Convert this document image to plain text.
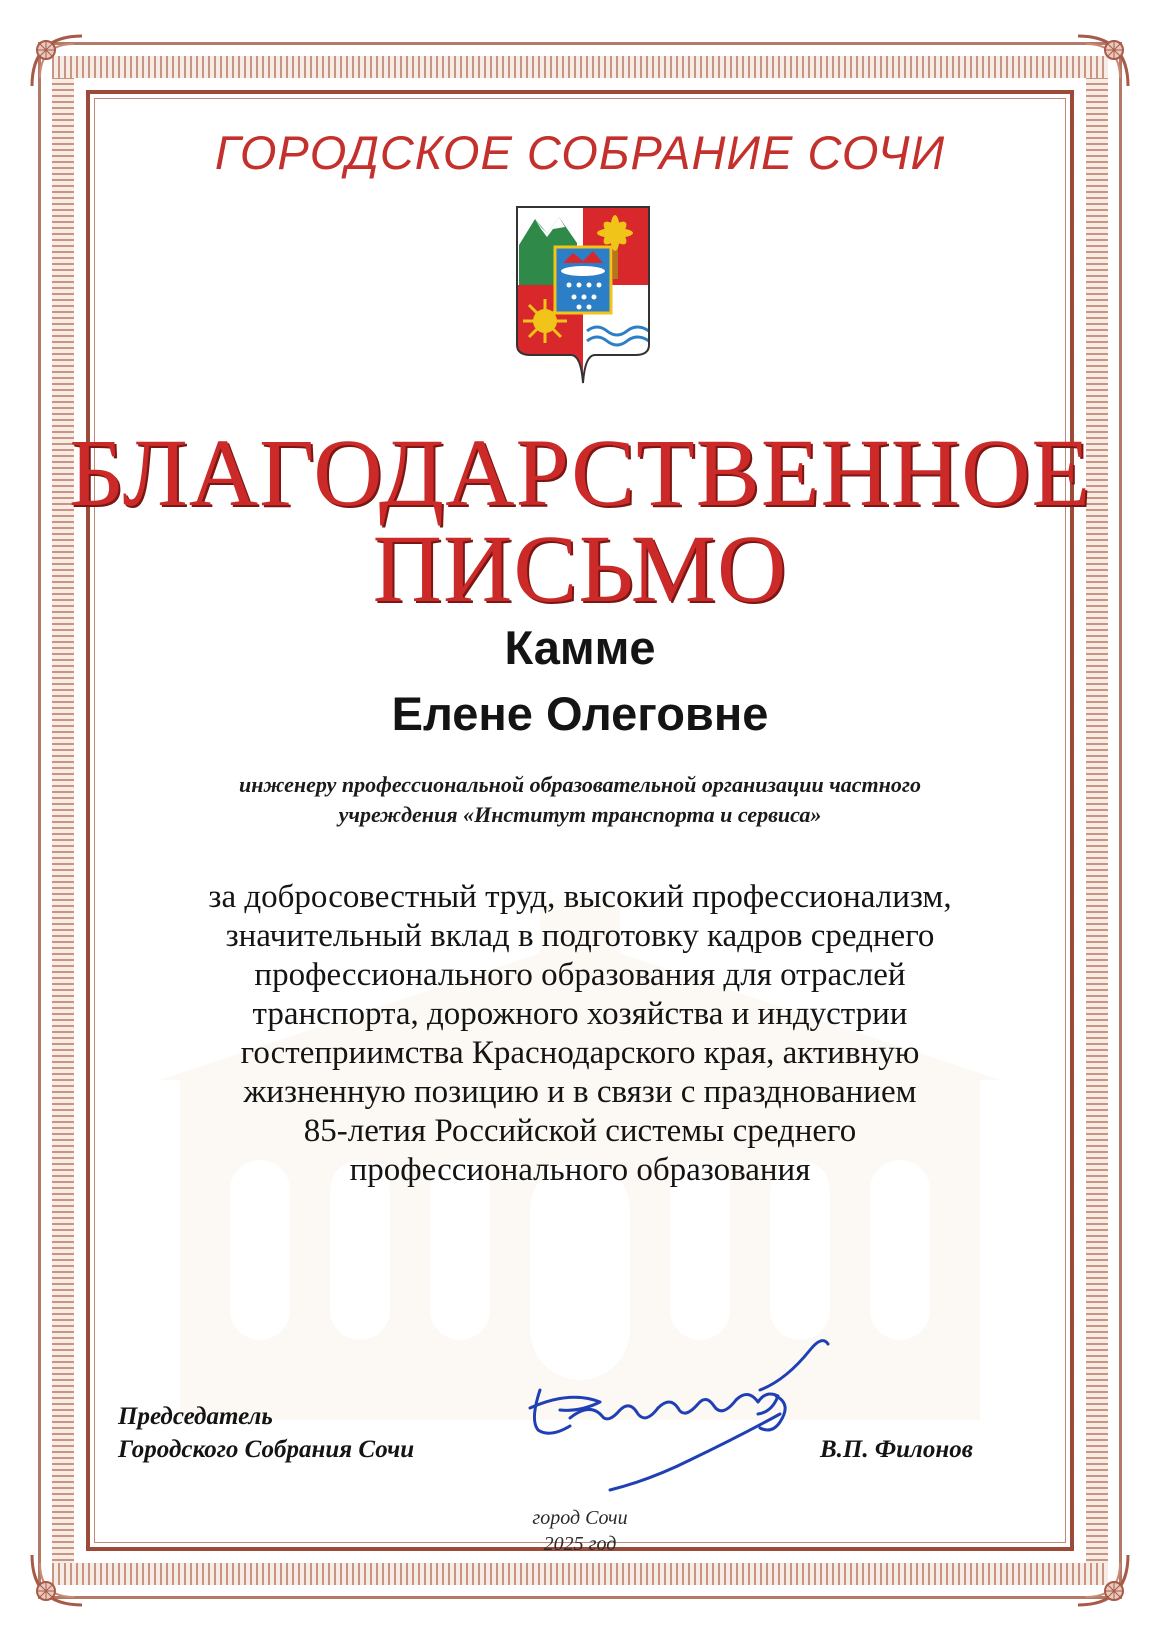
ГОРОДСКОЕ СОБРАНИЕ СОЧИ
БЛАГОДАРСТВЕННОЕ
ПИСЬМО
Камме
Елене Олеговне
инженеру профессиональной образовательной организации частного
учреждения «Институт транспорта и сервиса»
за добросовестный труд, высокий профессионализм,
значительный вклад в подготовку кадров среднего
профессионального образования для отраслей
транспорта, дорожного хозяйства и индустрии
гостеприимства Краснодарского края, активную
жизненную позицию и в связи с празднованием
85-летия Российской системы среднего
профессионального образования
Председатель
Городского Собрания Сочи	В.П. Филонов
город Сочи
2025 год
